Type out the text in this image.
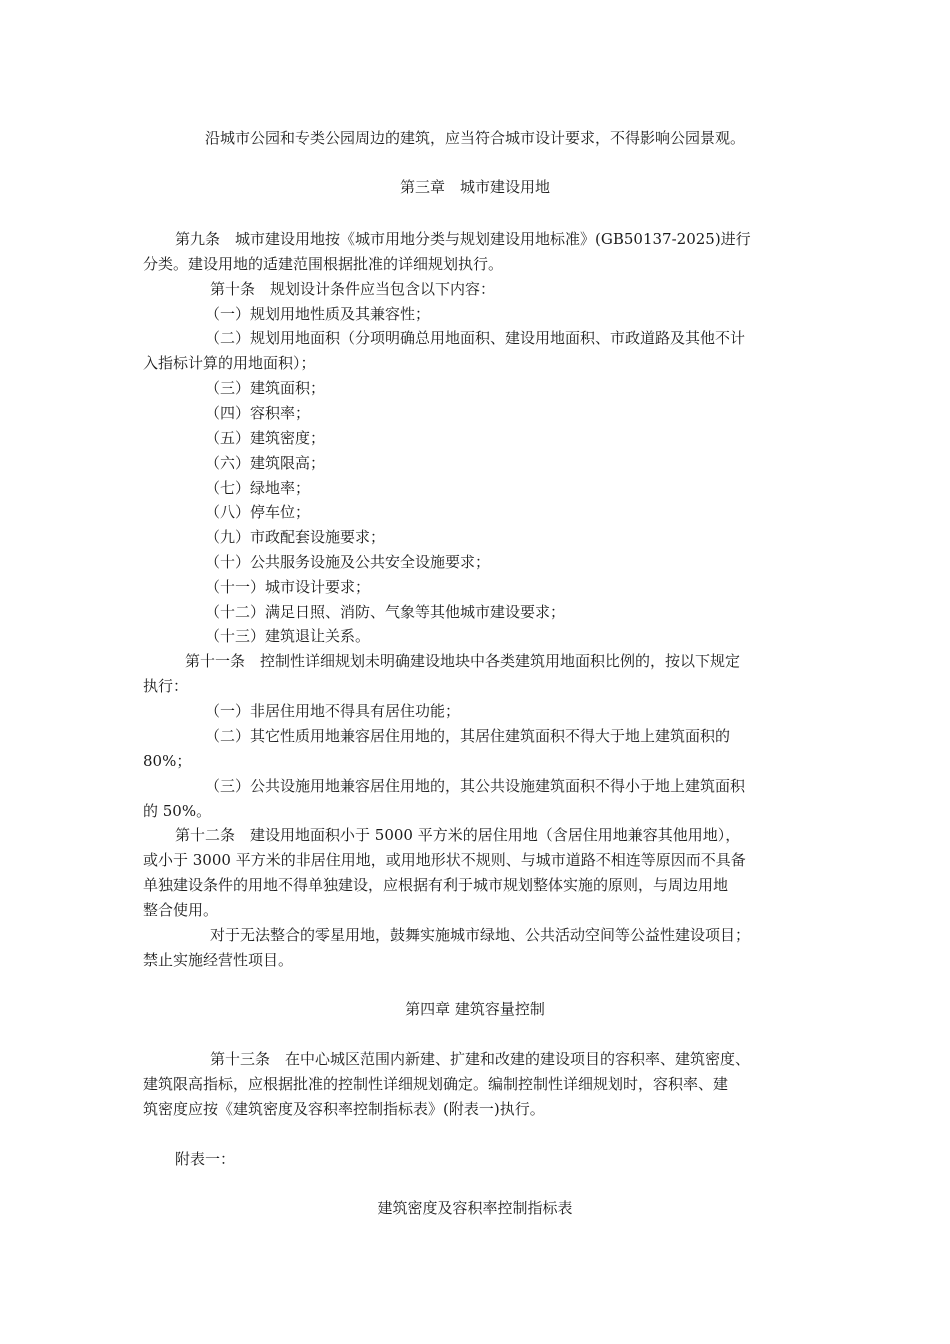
沿城市公园和专类公园周边的建筑，应当符合城市设计要求，不得影响公园景观。
第三章　城市建设用地
第九条　城市建设用地按《城市用地分类与规划建设用地标准》(GB50137-2025)进行
分类。建设用地的适建范围根据批准的详细规划执行。
第十条　规划设计条件应当包含以下内容：
（一）规划用地性质及其兼容性；
（二）规划用地面积（分项明确总用地面积、建设用地面积、市政道路及其他不计
入指标计算的用地面积）；
（三）建筑面积；
（四）容积率；
（五）建筑密度；
（六）建筑限高；
（七）绿地率；
（八）停车位；
（九）市政配套设施要求；
（十）公共服务设施及公共安全设施要求；
（十一）城市设计要求；
（十二）满足日照、消防、气象等其他城市建设要求；
（十三）建筑退让关系。
第十一条　控制性详细规划未明确建设地块中各类建筑用地面积比例的，按以下规定
执行：
（一）非居住用地不得具有居住功能；
（二）其它性质用地兼容居住用地的，其居住建筑面积不得大于地上建筑面积的
80%；
（三）公共设施用地兼容居住用地的，其公共设施建筑面积不得小于地上建筑面积
的 50%。
第十二条　建设用地面积小于 5000 平方米的居住用地（含居住用地兼容其他用地），
或小于 3000 平方米的非居住用地，或用地形状不规则、与城市道路不相连等原因而不具备
单独建设条件的用地不得单独建设，应根据有利于城市规划整体实施的原则，与周边用地
整合使用。
对于无法整合的零星用地，鼓舞实施城市绿地、公共活动空间等公益性建设项目；
禁止实施经营性项目。
第四章 建筑容量控制
第十三条　在中心城区范围内新建、扩建和改建的建设项目的容积率、建筑密度、
建筑限高指标，应根据批准的控制性详细规划确定。编制控制性详细规划时，容积率、建
筑密度应按《建筑密度及容积率控制指标表》(附表一)执行。
附表一：
建筑密度及容积率控制指标表
